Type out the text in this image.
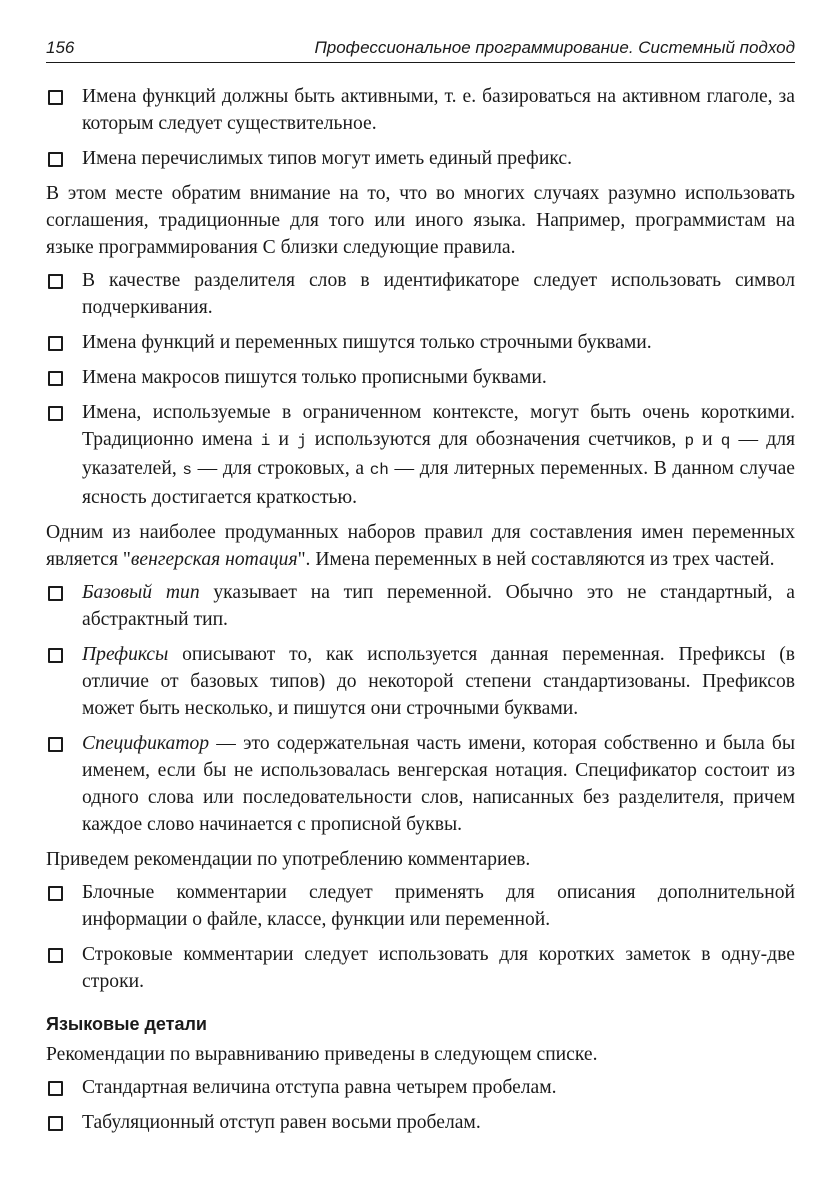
156	Профессиональное программирование. Системный подход
Имена функций должны быть активными, т. е. базироваться на активном глаголе, за которым следует существительное.
Имена перечислимых типов могут иметь единый префикс.

В этом месте обратим внимание на то, что во многих случаях разумно использовать соглашения, традиционные для того или иного языка. Например, программистам на языке программирования С близки следующие правила.

В качестве разделителя слов в идентификаторе следует использовать символ подчеркивания.
Имена функций и переменных пишутся только строчными буквами.
Имена макросов пишутся только прописными буквами.
Имена, используемые в ограниченном контексте, могут быть очень короткими. Традиционно имена i и j используются для обозначения счетчиков, p и q — для указателей, s — для строковых, а ch — для литерных переменных. В данном случае ясность достигается краткостью.

Одним из наиболее продуманных наборов правил для составления имен переменных является "венгерская нотация". Имена переменных в ней составляются из трех частей.

Базовый тип указывает на тип переменной. Обычно это не стандартный, а абстрактный тип.
Префиксы описывают то, как используется данная переменная. Префиксы (в отличие от базовых типов) до некоторой степени стандартизованы. Префиксов может быть несколько, и пишутся они строчными буквами.
Спецификатор — это содержательная часть имени, которая собственно и была бы именем, если бы не использовалась венгерская нотация. Спецификатор состоит из одного слова или последовательности слов, написанных без разделителя, причем каждое слово начинается с прописной буквы.

Приведем рекомендации по употреблению комментариев.

Блочные комментарии следует применять для описания дополнительной информации о файле, классе, функции или переменной.
Строковые комментарии следует использовать для коротких заметок в одну-две строки.
Языковые детали

Рекомендации по выравниванию приведены в следующем списке.

Стандартная величина отступа равна четырем пробелам.
Табуляционный отступ равен восьми пробелам.
